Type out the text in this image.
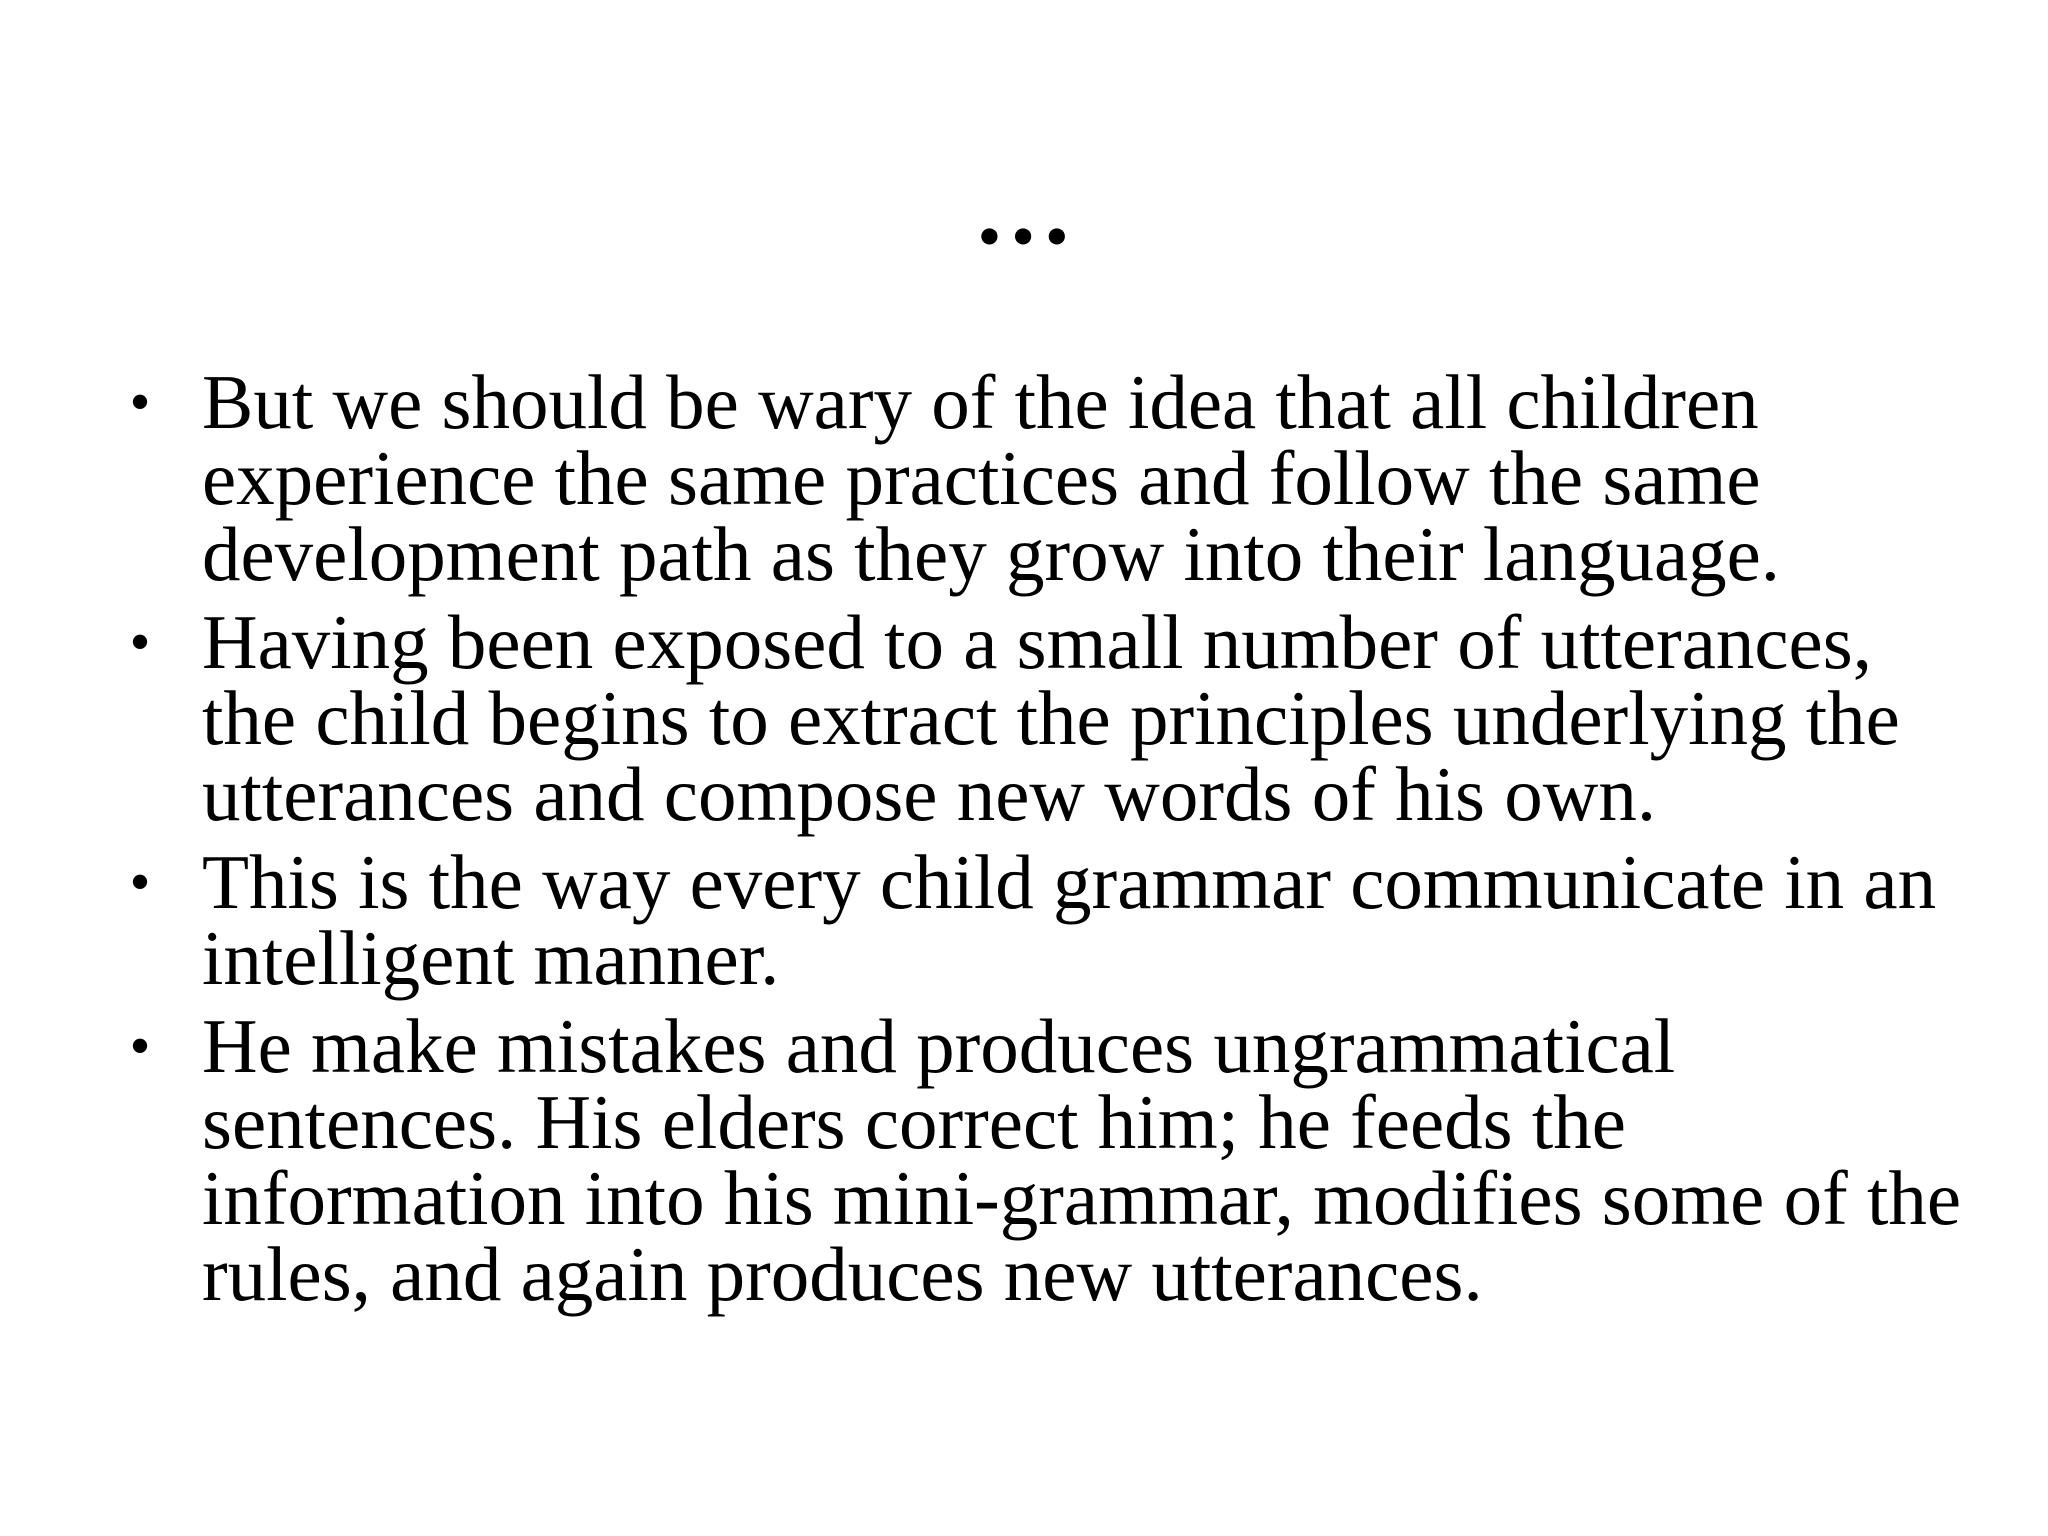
…
• But we should be wary of the idea that all children experience the same practices and follow the same development path as they grow into their language.
• Having been exposed to a small number of utterances, the child begins to extract the principles underlying the utterances and compose new words of his own.
• This is the way every child grammar communicate in an intelligent manner.
• He make mistakes and produces ungrammatical sentences. His elders correct him; he feeds the information into his mini-grammar, modifies some of the rules, and again produces new utterances.
